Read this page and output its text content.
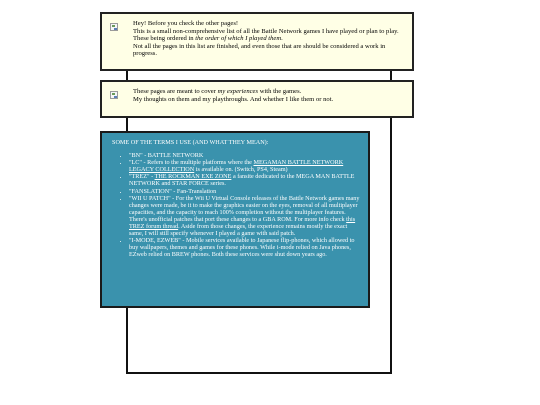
Hey! Before you check the other pages!
This is a small non-comprehensive list of all the Battle Network games I have played or plan to play.
These being ordered in the order of which I played them.
Not all the pages in this list are finished, and even those that are should be considered a work in progress.
These pages are meant to cover my experiences with the games.
My thoughts on them and my playthroughs. And whether I like them or not.
SOME OF THE TERMS I USE (AND WHAT THEY MEAN):
• "BN" - BATTLE NETWORK
• "LC" - Refers to the multiple platforms where the MEGAMAN BATTLE NETWORK LEGACY COLLECTION is available on. (Switch, PS4, Steam)
• "TREZ" - THE ROCKMAN EXE ZONE a fansite dedicated to the MEGA MAN BATTLE NETWORK and STAR FORCE series.
• "FANSLATION" - Fan-Translation
• "WII U PATCH" - For the Wii U Virtual Console releases of the Battle Network games many changes were made, be it to make the graphics easier on the eyes, removal of all multiplayer capacities, and the capacity to reach 100% completion without the multiplayer features. There's unofficial patches that port these changes to a GBA ROM. For more info check this TREZ forum thread. Aside from those changes, the experience remains mostly the exact same, I will still specify whenever I played a game with said patch.
• "I-MODE, EZWEB" - Mobile services available to Japanese flip-phones, which allowed to buy wallpapers, themes and games for these phones. While i-mode relied on Java phones, EZweb relied on BREW phones. Both these services were shut down years ago.
